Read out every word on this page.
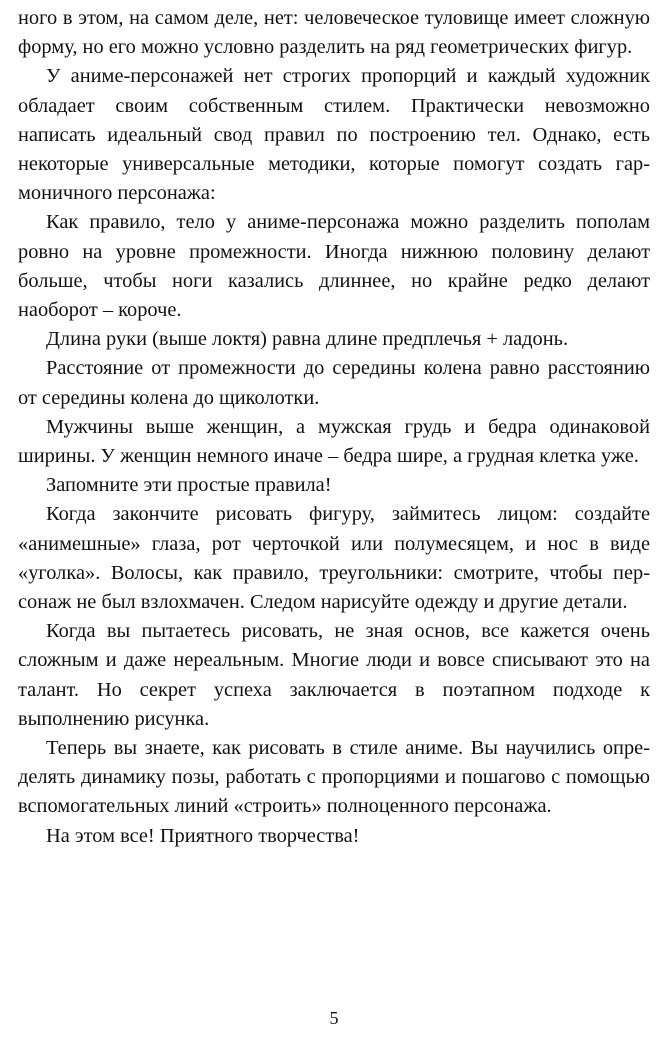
ного в этом, на самом деле, нет: человеческое туловище имеет сложную форму, но его можно условно разделить на ряд геометрических фигур.

У аниме-персонажей нет строгих пропорций и каждый художник обладает своим собственным стилем. Практически невозможно написать идеальный свод правил по построению тел. Однако, есть некоторые универсальные методики, которые помогут создать гармоничного персонажа:

Как правило, тело у аниме-персонажа можно разделить пополам ровно на уровне промежности. Иногда нижнюю половину делают больше, чтобы ноги казались длиннее, но крайне редко делают наоборот – короче.

Длина руки (выше локтя) равна длине предплечья + ладонь.

Расстояние от промежности до середины колена равно расстоянию от середины колена до щиколотки.

Мужчины выше женщин, а мужская грудь и бедра одинаковой ширины. У женщин немного иначе – бедра шире, а грудная клетка уже.

Запомните эти простые правила!

Когда закончите рисовать фигуру, займитесь лицом: создайте «анимешные» глаза, рот черточкой или полумесяцем, и нос в виде «уголка». Волосы, как правило, треугольники: смотрите, чтобы персонаж не был взлохмачен. Следом нарисуйте одежду и другие детали.

Когда вы пытаетесь рисовать, не зная основ, все кажется очень сложным и даже нереальным. Многие люди и вовсе списывают это на талант. Но секрет успеха заключается в поэтапном подходе к выполнению рисунка.

Теперь вы знаете, как рисовать в стиле аниме. Вы научились определять динамику позы, работать с пропорциями и пошагово с помощью вспомогательных линий «строить» полноценного персонажа.

На этом все! Приятного творчества!

5
